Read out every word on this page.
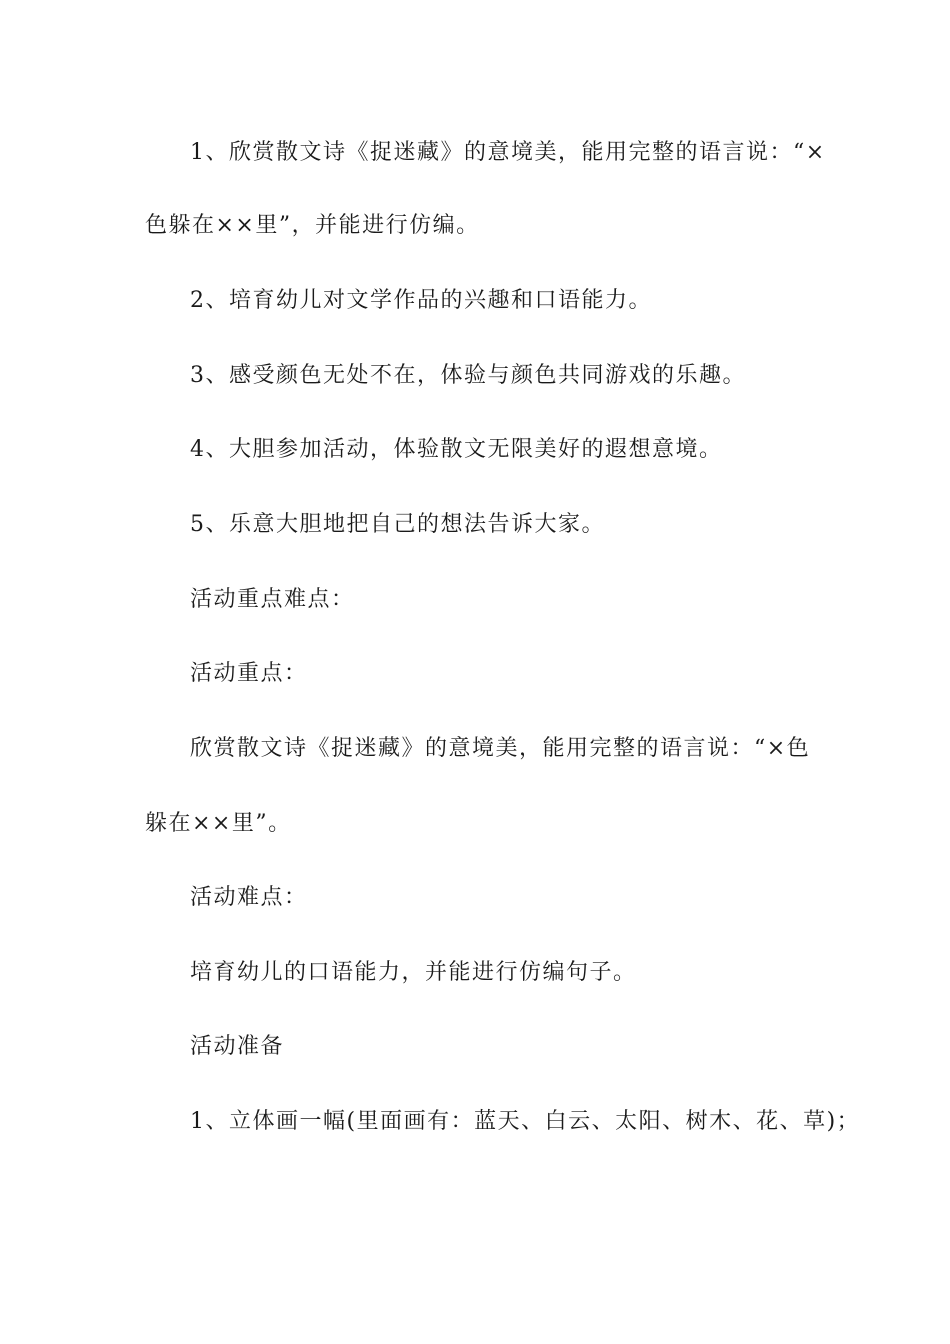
1、欣赏散文诗《捉迷藏》的意境美，能用完整的语言说：“×
色躲在××里”，并能进行仿编。
2、培育幼儿对文学作品的兴趣和口语能力。
3、感受颜色无处不在，体验与颜色共同游戏的乐趣。
4、大胆参加活动，体验散文无限美好的遐想意境。
5、乐意大胆地把自己的想法告诉大家。
活动重点难点：
活动重点：
欣赏散文诗《捉迷藏》的意境美，能用完整的语言说：“×色
躲在××里”。
活动难点：
培育幼儿的口语能力，并能进行仿编句子。
活动准备
1、立体画一幅(里面画有：蓝天、白云、太阳、树木、花、草)；
